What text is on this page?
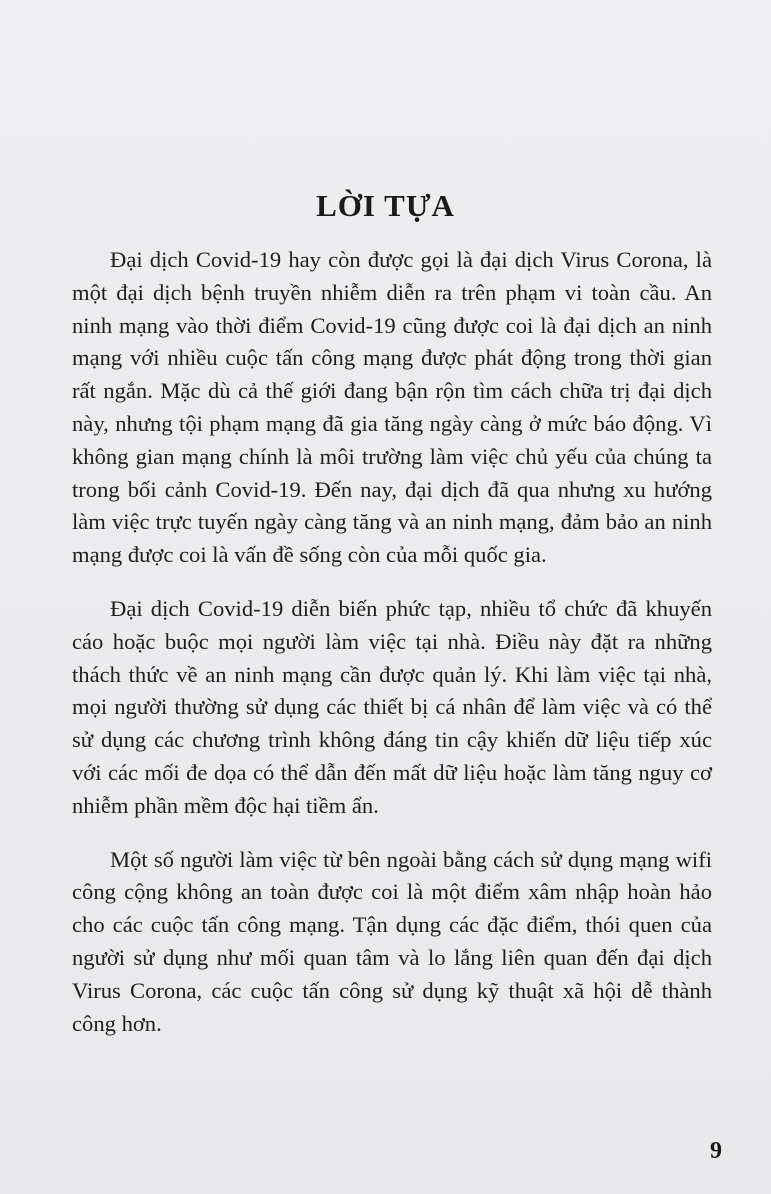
LỜI TỰA

Đại dịch Covid-19 hay còn được gọi là đại dịch Virus Corona, là một đại dịch bệnh truyền nhiễm diễn ra trên phạm vi toàn cầu. An ninh mạng vào thời điểm Covid-19 cũng được coi là đại dịch an ninh mạng với nhiều cuộc tấn công mạng được phát động trong thời gian rất ngắn. Mặc dù cả thế giới đang bận rộn tìm cách chữa trị đại dịch này, nhưng tội phạm mạng đã gia tăng ngày càng ở mức báo động. Vì không gian mạng chính là môi trường làm việc chủ yếu của chúng ta trong bối cảnh Covid-19. Đến nay, đại dịch đã qua nhưng xu hướng làm việc trực tuyến ngày càng tăng và an ninh mạng, đảm bảo an ninh mạng được coi là vấn đề sống còn của mỗi quốc gia.

Đại dịch Covid-19 diễn biến phức tạp, nhiều tổ chức đã khuyến cáo hoặc buộc mọi người làm việc tại nhà. Điều này đặt ra những thách thức về an ninh mạng cần được quản lý. Khi làm việc tại nhà, mọi người thường sử dụng các thiết bị cá nhân để làm việc và có thể sử dụng các chương trình không đáng tin cậy khiến dữ liệu tiếp xúc với các mối đe dọa có thể dẫn đến mất dữ liệu hoặc làm tăng nguy cơ nhiễm phần mềm độc hại tiềm ẩn.

Một số người làm việc từ bên ngoài bằng cách sử dụng mạng wifi công cộng không an toàn được coi là một điểm xâm nhập hoàn hảo cho các cuộc tấn công mạng. Tận dụng các đặc điểm, thói quen của người sử dụng như mối quan tâm và lo lắng liên quan đến đại dịch Virus Corona, các cuộc tấn công sử dụng kỹ thuật xã hội dễ thành công hơn.

9
